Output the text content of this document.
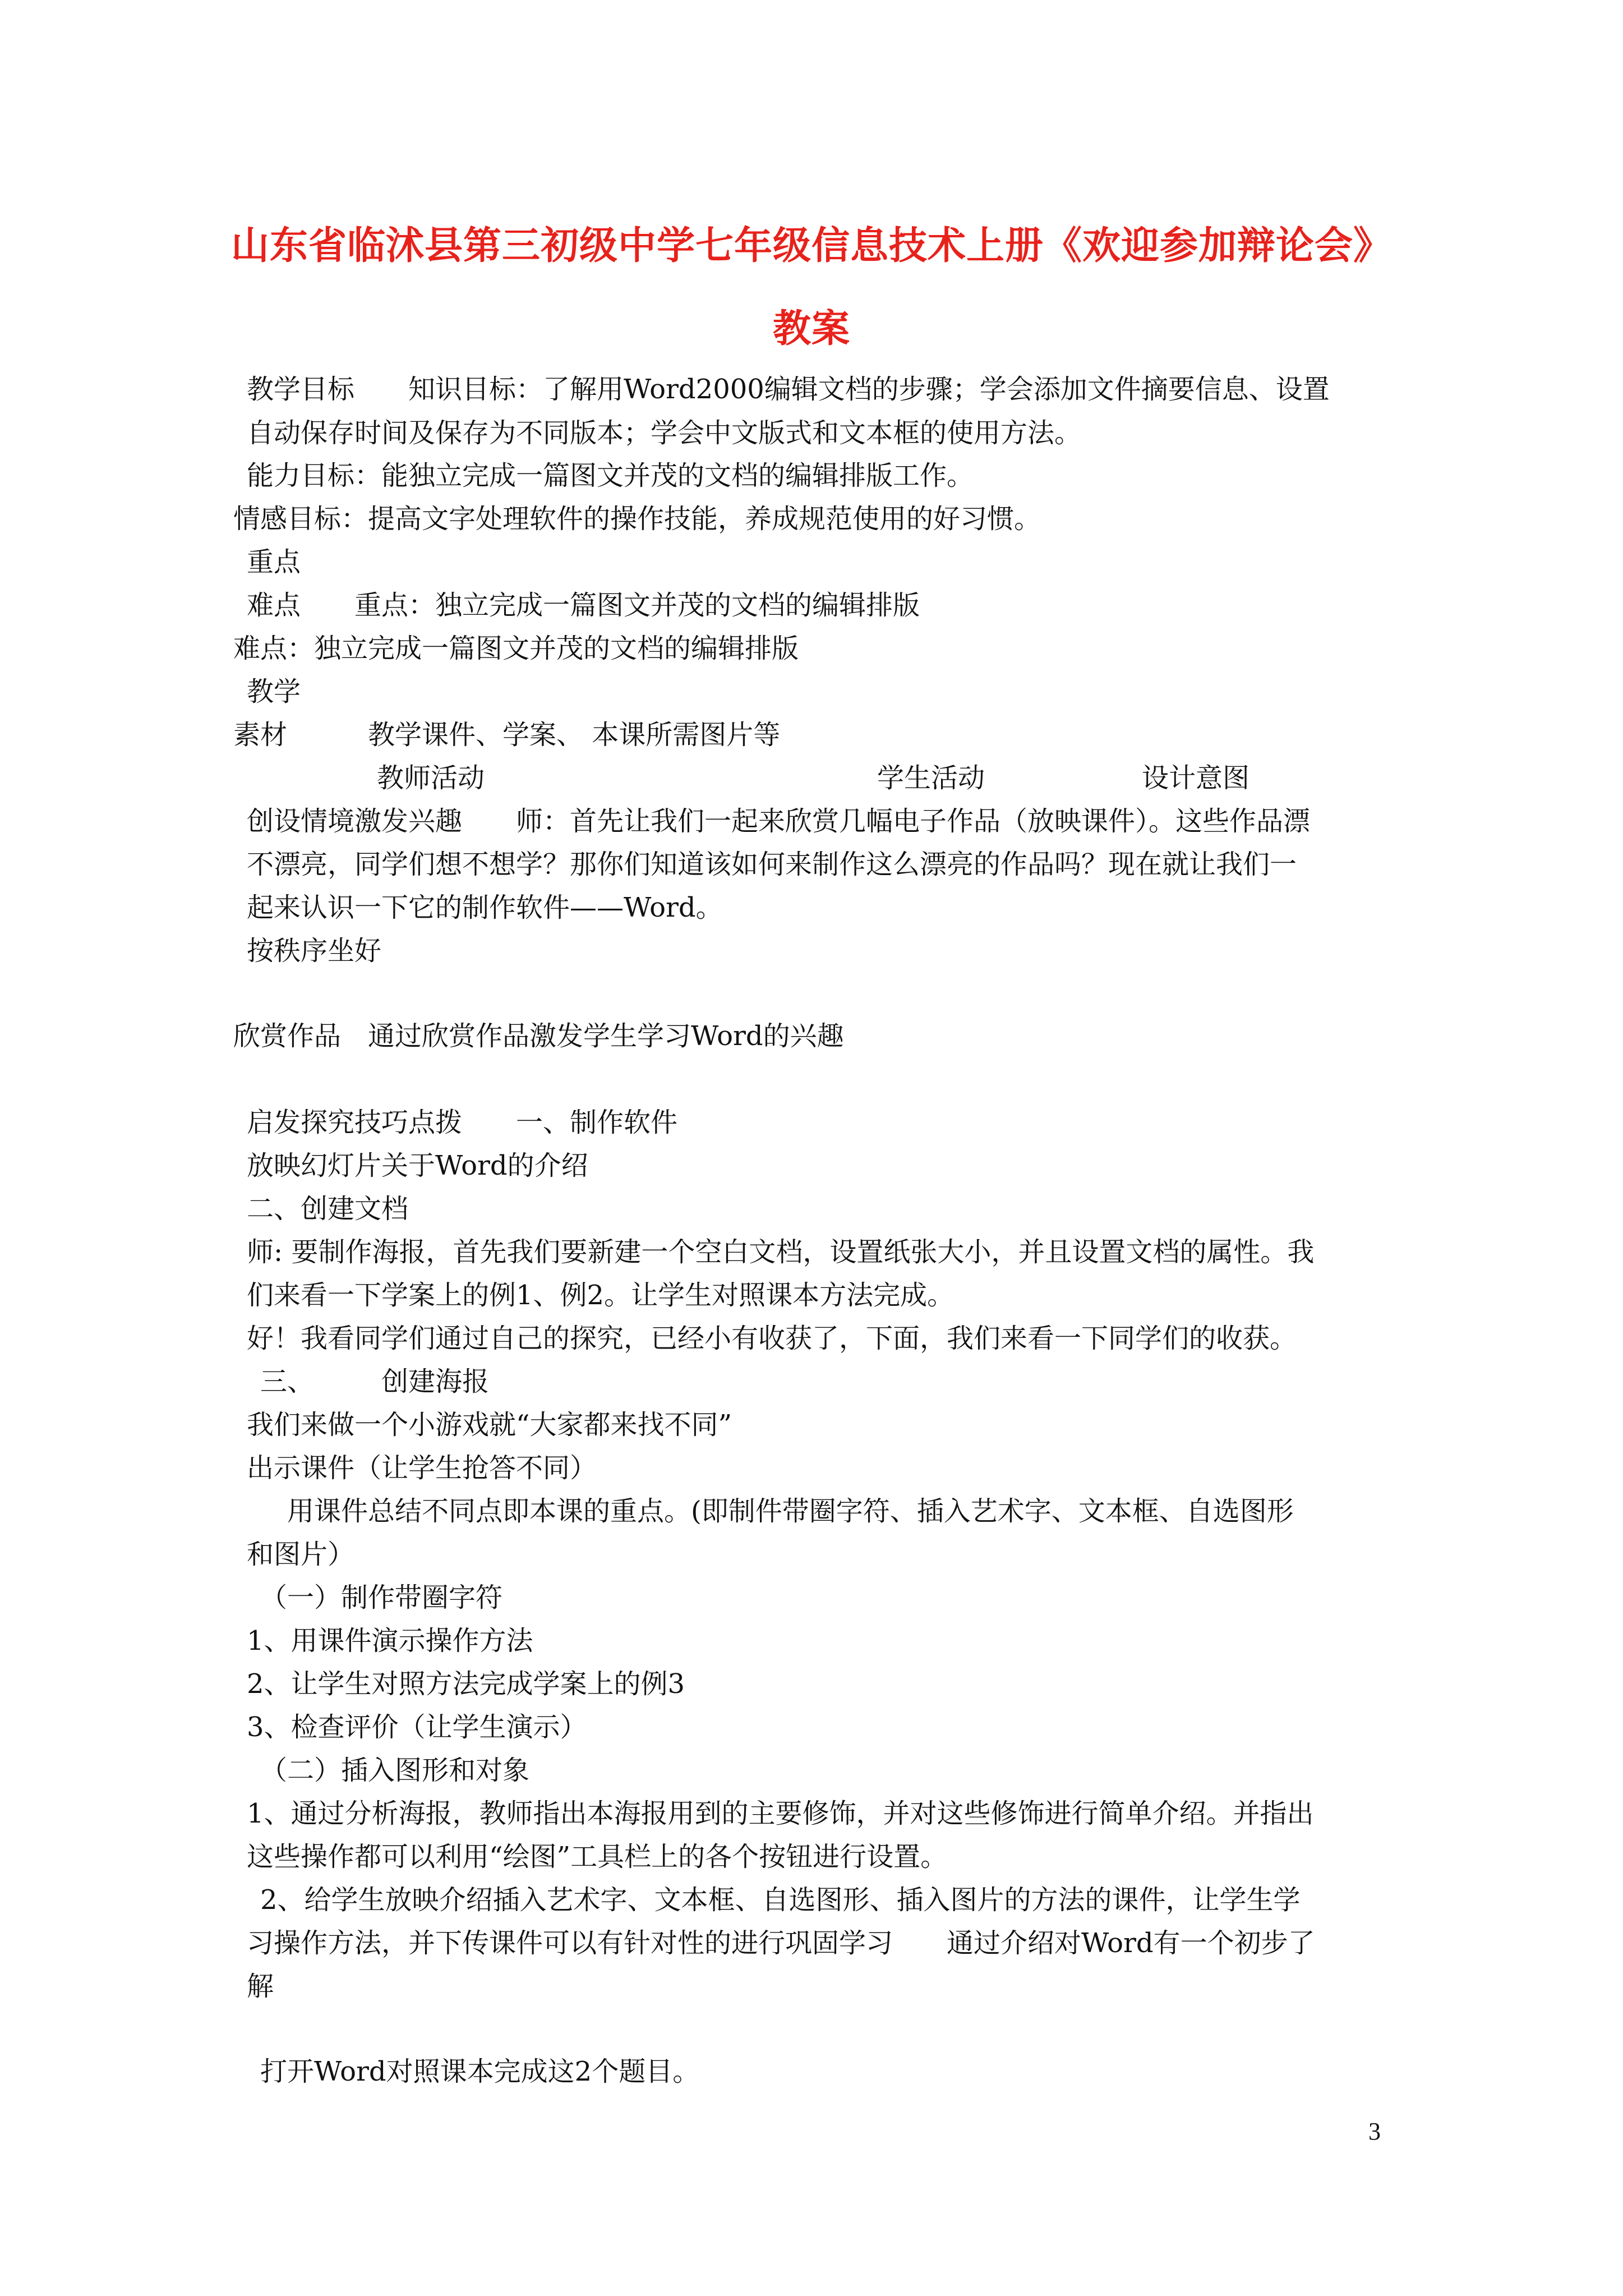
山东省临沭县第三初级中学七年级信息技术上册《欢迎参加辩论会》
教案
教学目标　　知识目标：了解用Word2000编辑文档的步骤；学会添加文件摘要信息、设置
自动保存时间及保存为不同版本；学会中文版式和文本框的使用方法。
能力目标：能独立完成一篇图文并茂的文档的编辑排版工作。
情感目标：提高文字处理软件的操作技能，养成规范使用的好习惯。
重点
难点　　重点：独立完成一篇图文并茂的文档的编辑排版
难点：独立完成一篇图文并茂的文档的编辑排版
教学
素材　　　教学课件、学案、 本课所需图片等
教师活动	学生活动	设计意图
创设情境激发兴趣　　师：首先让我们一起来欣赏几幅电子作品（放映课件）。这些作品漂
不漂亮，同学们想不想学？那你们知道该如何来制作这么漂亮的作品吗？现在就让我们一
起来认识一下它的制作软件——Word。
按秩序坐好
欣赏作品　通过欣赏作品激发学生学习Word的兴趣
启发探究技巧点拨　　一、制作软件
放映幻灯片关于Word的介绍
二、创建文档
师: 要制作海报，首先我们要新建一个空白文档，设置纸张大小，并且设置文档的属性。我
们来看一下学案上的例1、例2。让学生对照课本方法完成。
好！我看同学们通过自己的探究，已经小有收获了，下面，我们来看一下同学们的收获。
三、　　　创建海报
我们来做一个小游戏就“大家都来找不同”
出示课件（让学生抢答不同）
用课件总结不同点即本课的重点。(即制件带圈字符、插入艺术字、文本框、自选图形
和图片）
（一）制作带圈字符
1、用课件演示操作方法
2、让学生对照方法完成学案上的例3
3、检查评价（让学生演示）
（二）插入图形和对象
1、通过分析海报，教师指出本海报用到的主要修饰，并对这些修饰进行简单介绍。并指出
这些操作都可以利用“绘图”工具栏上的各个按钮进行设置。
2、给学生放映介绍插入艺术字、文本框、自选图形、插入图片的方法的课件，让学生学
习操作方法，并下传课件可以有针对性的进行巩固学习　　通过介绍对Word有一个初步了
解
打开Word对照课本完成这2个题目。
3
